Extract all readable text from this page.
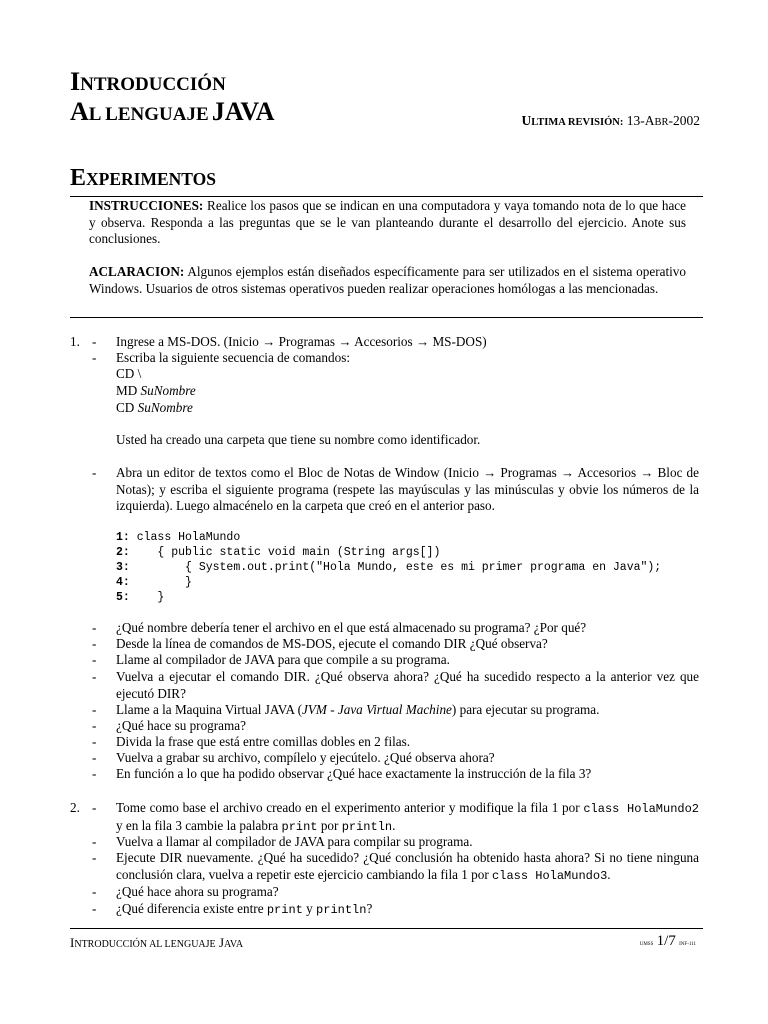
INTRODUCCIÓN
AL LENGUAJE JAVA	ULTIMA REVISIÓN: 13-ABR-2002
EXPERIMENTOS
INSTRUCCIONES: Realice los pasos que se indican en una computadora y vaya tomando nota de lo que hace y observa. Responda a las preguntas que se le van planteando durante el desarrollo del ejercicio. Anote sus conclusiones.
ACLARACION: Algunos ejemplos están diseñados específicamente para ser utilizados en el sistema operativo Windows. Usuarios de otros sistemas operativos pueden realizar operaciones homólogas a las mencionadas.
1. - Ingrese a MS-DOS. (Inicio → Programas → Accesorios → MS-DOS)
- Escriba la siguiente secuencia de comandos:
CD \
MD SuNombre
CD SuNombre
Usted ha creado una carpeta que tiene su nombre como identificador.
- Abra un editor de textos como el Bloc de Notas de Window (Inicio → Programas → Accesorios → Bloc de Notas); y escriba el siguiente programa (respete las mayúsculas y las minúsculas y obvie los números de la izquierda). Luego almacénelo en la carpeta que creó en el anterior paso.
1: class HolaMundo
2:    { public static void main (String args[])
3:        { System.out.print("Hola Mundo, este es mi primer programa en Java");
4:        }
5:    }
- ¿Qué nombre debería tener el archivo en el que está almacenado su programa? ¿Por qué?
- Desde la línea de comandos de MS-DOS, ejecute el comando DIR ¿Qué observa?
- Llame al compilador de JAVA para que compile a su programa.
- Vuelva a ejecutar el comando DIR. ¿Qué observa ahora? ¿Qué ha sucedido respecto a la anterior vez que ejecutó DIR?
- Llame a la Maquina Virtual JAVA (JVM - Java Virtual Machine) para ejecutar su programa.
- ¿Qué hace su programa?
- Divida la frase que está entre comillas dobles en 2 filas.
- Vuelva a grabar su archivo, compílelo y ejecútelo. ¿Qué observa ahora?
- En función a lo que ha podido observar ¿Qué hace exactamente la instrucción de la fila 3?
2. - Tome como base el archivo creado en el experimento anterior y modifique la fila 1 por class HolaMundo2 y en la fila 3 cambie la palabra print por println.
- Vuelva a llamar al compilador de JAVA para compilar su programa.
- Ejecute DIR nuevamente. ¿Qué ha sucedido? ¿Qué conclusión ha obtenido hasta ahora? Si no tiene ninguna conclusión clara, vuelva a repetir este ejercicio cambiando la fila 1 por class HolaMundo3.
- ¿Qué hace ahora su programa?
- ¿Qué diferencia existe entre print y println?
INTRODUCCIÓN AL LENGUAJE JAVA	UMSS 1/7 INF-111
